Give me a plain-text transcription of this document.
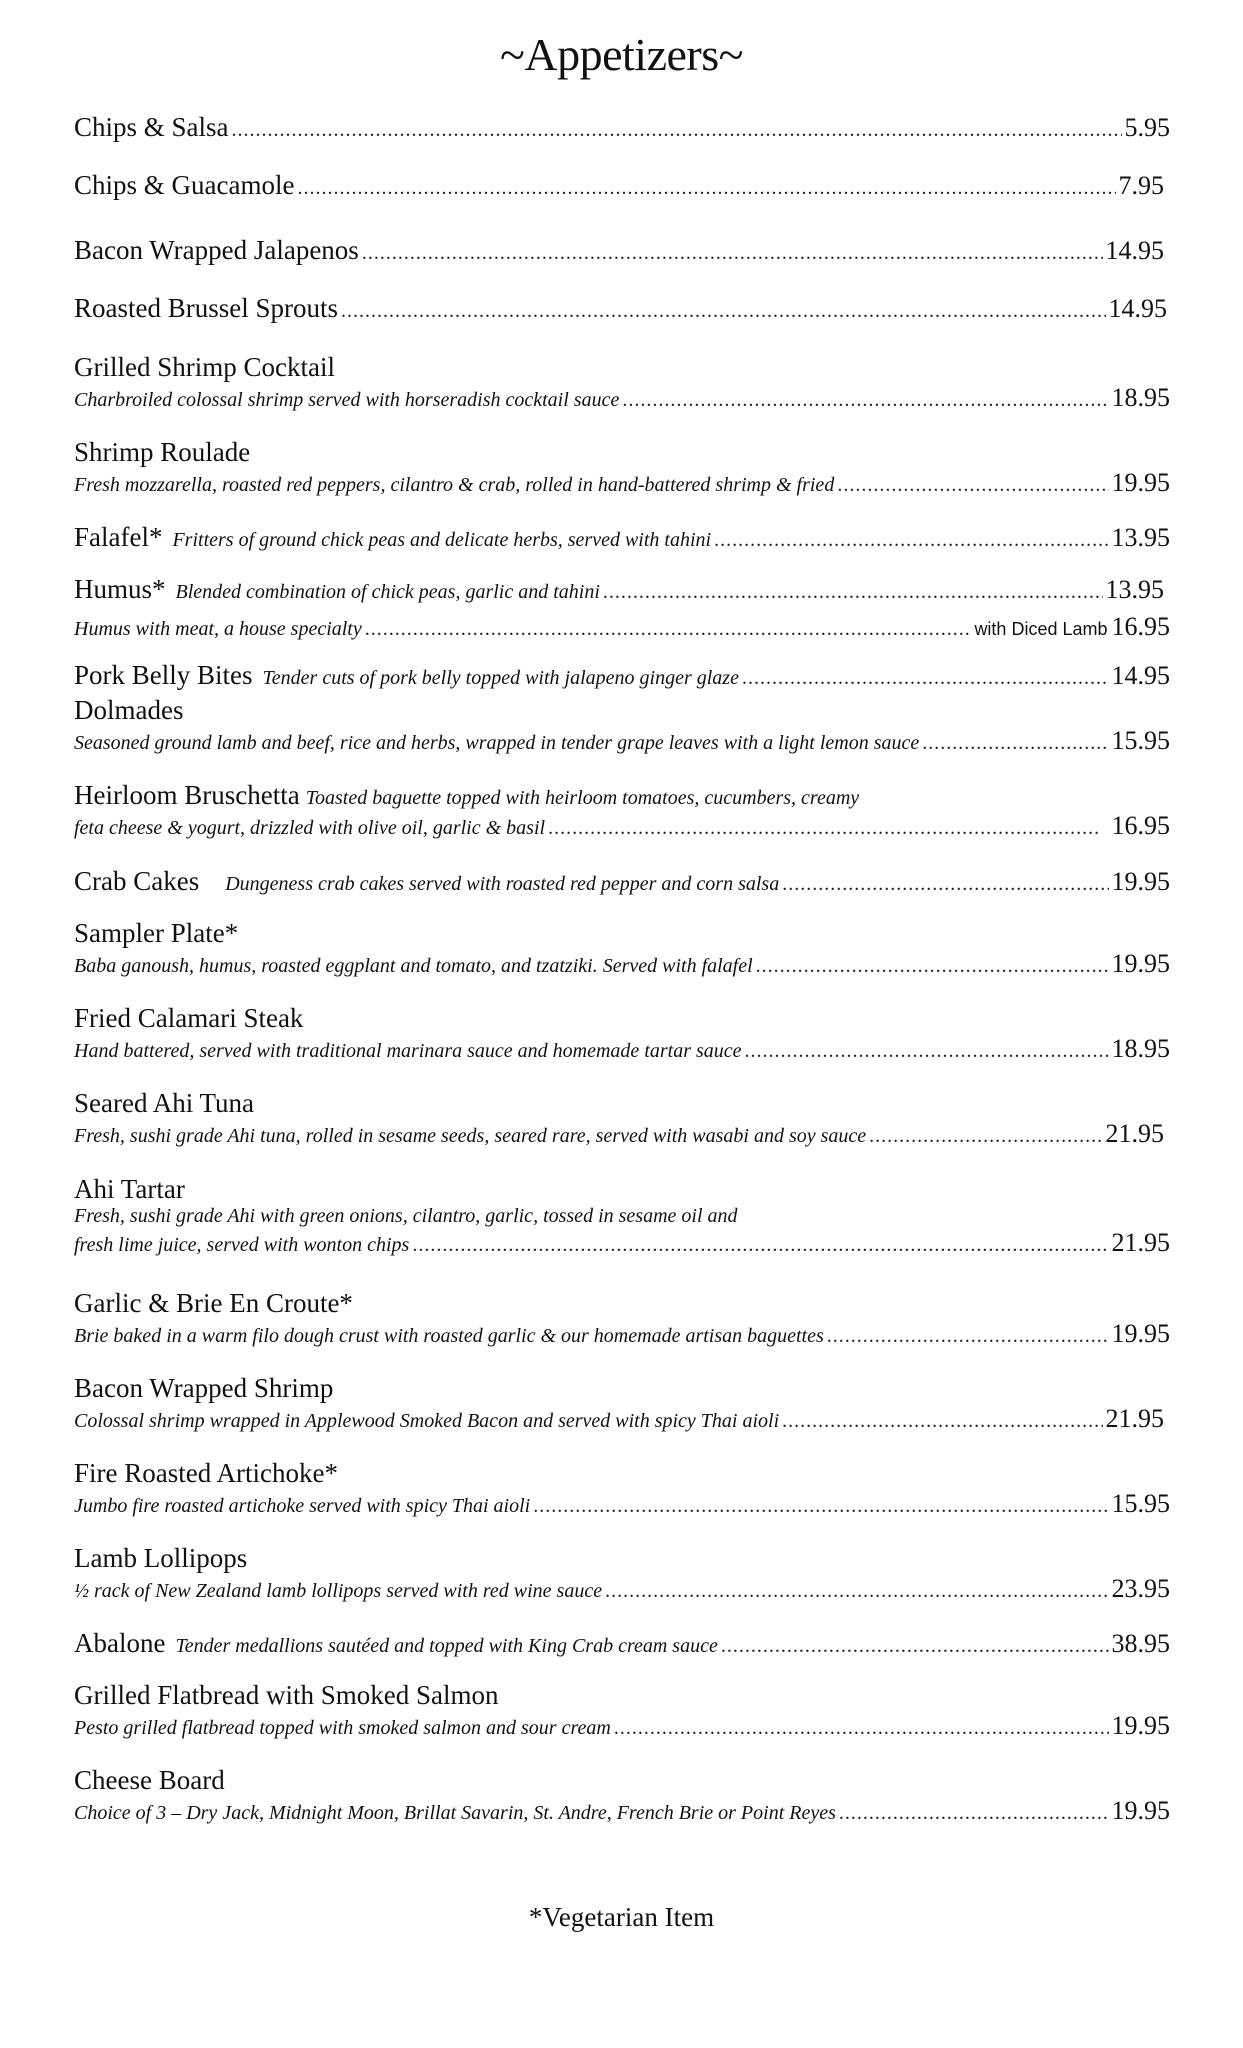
~Appetizers~
Chips & Salsa .....	5.95
Chips & Guacamole .....	7.95
Bacon Wrapped Jalapenos .....	14.95
Roasted Brussel Sprouts .....	14.95
Grilled Shrimp Cocktail
Charbroiled colossal shrimp served with horseradish cocktail sauce .....	18.95
Shrimp Roulade
Fresh mozzarella, roasted red peppers, cilantro & crab, rolled in hand-battered shrimp & fried .....	19.95
Falafel* Fritters of ground chick peas and delicate herbs, served with tahini .....	13.95
Humus* Blended combination of chick peas, garlic and tahini .....	13.95
Humus with meat, a house specialty .....	with Diced Lamb 16.95
Pork Belly Bites Tender cuts of pork belly topped with jalapeno ginger glaze .....	14.95
Dolmades
Seasoned ground lamb and beef, rice and herbs, wrapped in tender grape leaves with a light lemon sauce .....	15.95
Heirloom Bruschetta Toasted baguette topped with heirloom tomatoes, cucumbers, creamy
feta cheese & yogurt, drizzled with olive oil, garlic & basil .....	16.95
Crab Cakes Dungeness crab cakes served with roasted red pepper and corn salsa .....	19.95
Sampler Plate*
Baba ganoush, humus, roasted eggplant and tomato, and tzatziki. Served with falafel .....	19.95
Fried Calamari Steak
Hand battered, served with traditional marinara sauce and homemade tartar sauce .....	18.95
Seared Ahi Tuna
Fresh, sushi grade Ahi tuna, rolled in sesame seeds, seared rare, served with wasabi and soy sauce .....	21.95
Ahi Tartar
Fresh, sushi grade Ahi with green onions, cilantro, garlic, tossed in sesame oil and
fresh lime juice, served with wonton chips .....	21.95
Garlic & Brie En Croute*
Brie baked in a warm filo dough crust with roasted garlic & our homemade artisan baguettes .....	19.95
Bacon Wrapped Shrimp
Colossal shrimp wrapped in Applewood Smoked Bacon and served with spicy Thai aioli .....	21.95
Fire Roasted Artichoke*
Jumbo fire roasted artichoke served with spicy Thai aioli .....	15.95
Lamb Lollipops
½ rack of New Zealand lamb lollipops served with red wine sauce .....	23.95
Abalone Tender medallions sautéed and topped with King Crab cream sauce .....	38.95
Grilled Flatbread with Smoked Salmon
Pesto grilled flatbread topped with smoked salmon and sour cream .....	19.95
Cheese Board
Choice of 3 – Dry Jack, Midnight Moon, Brillat Savarin, St. Andre, French Brie or Point Reyes .....	19.95
*Vegetarian Item
